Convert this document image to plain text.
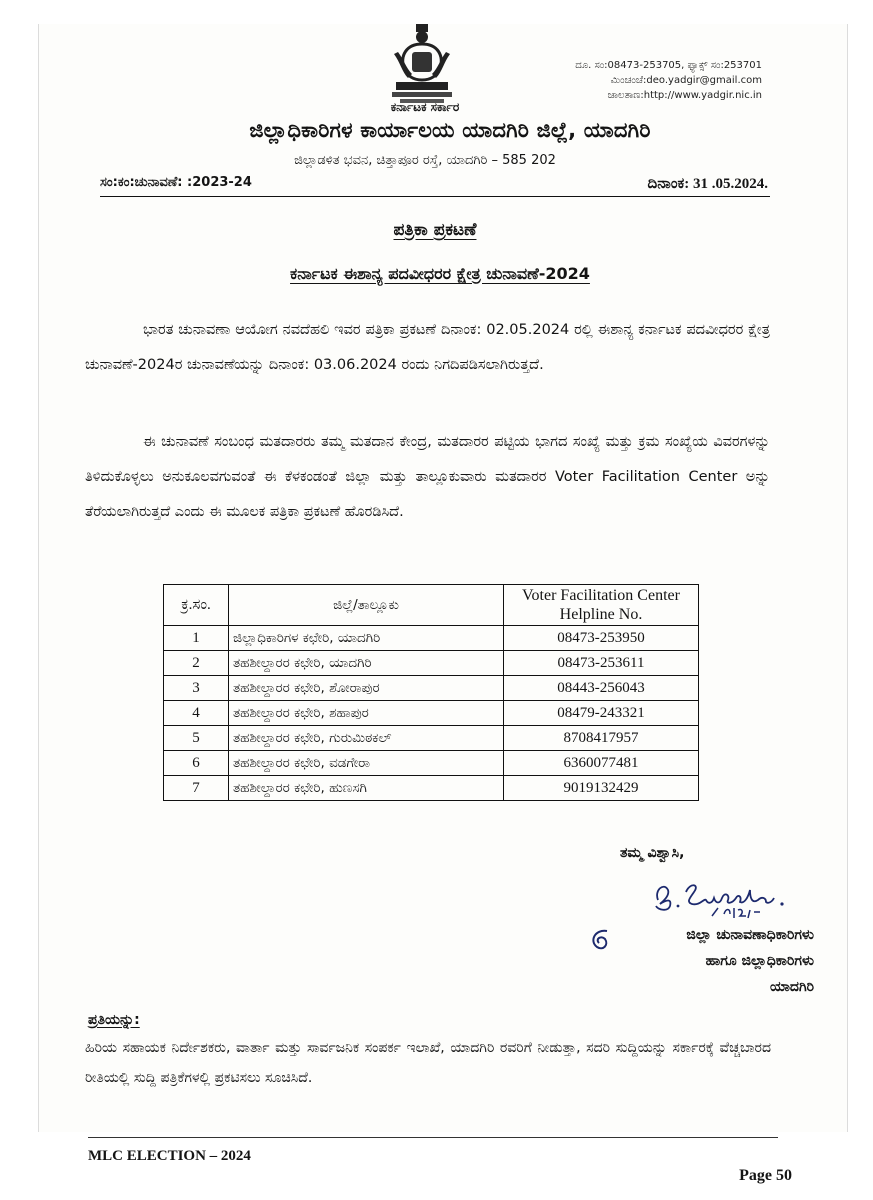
ದೂ. ಸಂ:08473-253705, ಫ್ಯಾಕ್ಸ್ ಸಂ:253701
ಮಿಂಚಂಚೆ:deo.yadgir@gmail.com
ಜಾಲತಾಣ:http://www.yadgir.nic.in
ಕರ್ನಾಟಕ ಸರ್ಕಾರ
ಜಿಲ್ಲಾಧಿಕಾರಿಗಳ ಕಾರ್ಯಾಲಯ ಯಾದಗಿರಿ ಜಿಲ್ಲೆ, ಯಾದಗಿರಿ
ಜಿಲ್ಲಾಡಳಿತ ಭವನ, ಚಿತ್ತಾಪೂರ ರಸ್ತೆ, ಯಾದಗಿರಿ – 585 202
ಸಂ:ಕಂ:ಚುನಾವಣೆ: :2023-24	ದಿನಾಂಕ: 31 .05.2024.
ಪತ್ರಿಕಾ ಪ್ರಕಟಣೆ
ಕರ್ನಾಟಕ ಈಶಾನ್ಯ ಪದವೀಧರರ ಕ್ಷೇತ್ರ ಚುನಾವಣೆ-2024
ಭಾರತ ಚುನಾವಣಾ ಆಯೋಗ ನವದೆಹಲಿ ಇವರ ಪತ್ರಿಕಾ ಪ್ರಕಟಣೆ ದಿನಾಂಕ: 02.05.2024 ರಲ್ಲಿ ಈಶಾನ್ಯ ಕರ್ನಾಟಕ ಪದವೀಧರರ ಕ್ಷೇತ್ರ ಚುನಾವಣೆ-2024ರ ಚುನಾವಣೆಯನ್ನು ದಿನಾಂಕ: 03.06.2024 ರಂದು ನಿಗದಿಪಡಿಸಲಾಗಿರುತ್ತದೆ.
ಈ ಚುನಾವಣೆ ಸಂಬಂಧ ಮತದಾರರು ತಮ್ಮ ಮತದಾನ ಕೇಂದ್ರ, ಮತದಾರರ ಪಟ್ಟಿಯ ಭಾಗದ ಸಂಖ್ಯೆ ಮತ್ತು ಕ್ರಮ ಸಂಖ್ಯೆಯ ವಿವರಗಳನ್ನು ತಿಳಿದುಕೊಳ್ಳಲು ಅನುಕೂಲವಗುವಂತೆ ಈ ಕೆಳಕಂಡಂತೆ ಜಿಲ್ಲಾ ಮತ್ತು ತಾಲ್ಲೂಕುವಾರು ಮತದಾರರ Voter Facilitation Center ಅನ್ನು ತೆರೆಯಲಾಗಿರುತ್ತದೆ ಎಂದು ಈ ಮೂಲಕ ಪತ್ರಿಕಾ ಪ್ರಕಟಣೆ ಹೊರಡಿಸಿದೆ.
ಕ್ರ.ಸಂ.	ಜಿಲ್ಲೆ/ತಾಲ್ಲೂಕು	Voter Facilitation Center Helpline No.
1	ಜಿಲ್ಲಾಧಿಕಾರಿಗಳ ಕಛೇರಿ, ಯಾದಗಿರಿ	08473-253950
2	ತಹಶೀಲ್ದಾರರ ಕಛೇರಿ, ಯಾದಗಿರಿ	08473-253611
3	ತಹಶೀಲ್ದಾರರ ಕಛೇರಿ, ಶೋರಾಪುರ	08443-256043
4	ತಹಶೀಲ್ದಾರರ ಕಛೇರಿ, ಶಹಾಪುರ	08479-243321
5	ತಹಶೀಲ್ದಾರರ ಕಛೇರಿ, ಗುರುಮಿಠಕಲ್	8708417957
6	ತಹಶೀಲ್ದಾರರ ಕಛೇರಿ, ವಡಗೇರಾ	6360077481
7	ತಹಶೀಲ್ದಾರರ ಕಛೇರಿ, ಹುಣಸಗಿ	9019132429
ತಮ್ಮ ವಿಶ್ವಾಸಿ,
ಜಿಲ್ಲಾ ಚುನಾವಣಾಧಿಕಾರಿಗಳು
ಹಾಗೂ ಜಿಲ್ಲಾಧಿಕಾರಿಗಳು
ಯಾದಗಿರಿ
ಪ್ರತಿಯನ್ನು:
ಹಿರಿಯ ಸಹಾಯಕ ನಿರ್ದೇಶಕರು, ವಾರ್ತಾ ಮತ್ತು ಸಾರ್ವಜನಿಕ ಸಂಪರ್ಕ ಇಲಾಖೆ, ಯಾದಗಿರಿ ರವರಿಗೆ ನೀಡುತ್ತಾ, ಸದರಿ ಸುದ್ದಿಯನ್ನು ಸರ್ಕಾರಕ್ಕೆ ವೆಚ್ಚಬಾರದ ರೀತಿಯಲ್ಲಿ ಸುದ್ದಿ ಪತ್ರಿಕೆಗಳಲ್ಲಿ ಪ್ರಕಟಿಸಲು ಸೂಚಿಸಿದೆ.
MLC ELECTION – 2024
Page 50
